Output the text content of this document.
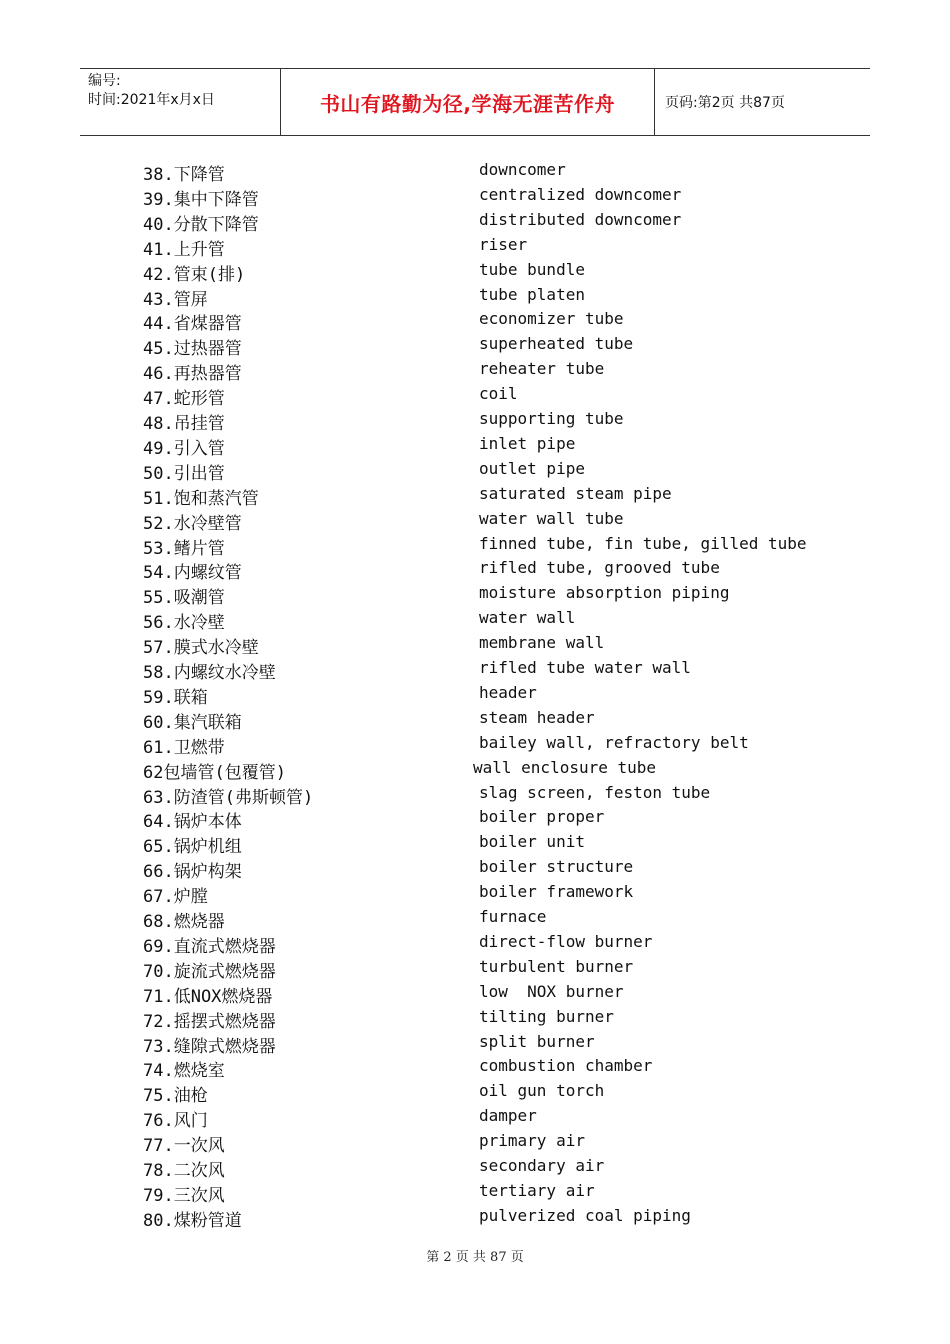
编号:
时间:2021年x月x日	书山有路勤为径,学海无涯苦作舟	页码:第2页 共87页
38.下降管	downcomer
39.集中下降管	centralized downcomer
40.分散下降管	distributed downcomer
41.上升管	riser
42.管束(排)	tube bundle
43.管屏	tube platen
44.省煤器管	economizer tube
45.过热器管	superheated tube
46.再热器管	reheater tube
47.蛇形管	coil
48.吊挂管	supporting tube
49.引入管	inlet pipe
50.引出管	outlet pipe
51.饱和蒸汽管	saturated steam pipe
52.水冷壁管	water wall tube
53.鳍片管	finned tube, fin tube, gilled tube
54.内螺纹管	rifled tube, grooved tube
55.吸潮管	moisture absorption piping
56.水冷壁	water wall
57.膜式水冷壁	membrane wall
58.内螺纹水冷壁	rifled tube water wall
59.联箱	header
60.集汽联箱	steam header
61.卫燃带	bailey wall, refractory belt
62包墙管(包覆管)	wall enclosure tube
63.防渣管(弗斯顿管)	slag screen, feston tube
64.锅炉本体	boiler proper
65.锅炉机组	boiler unit
66.锅炉构架	boiler structure
67.炉膛	boiler framework
68.燃烧器	furnace
69.直流式燃烧器	direct-flow burner
70.旋流式燃烧器	turbulent burner
71.低NOX燃烧器	low  NOX burner
72.摇摆式燃烧器	tilting burner
73.缝隙式燃烧器	split burner
74.燃烧室	combustion chamber
75.油枪	oil gun torch
76.风门	damper
77.一次风	primary air
78.二次风	secondary air
79.三次风	tertiary air
80.煤粉管道	pulverized coal piping
第 2 页 共 87 页
